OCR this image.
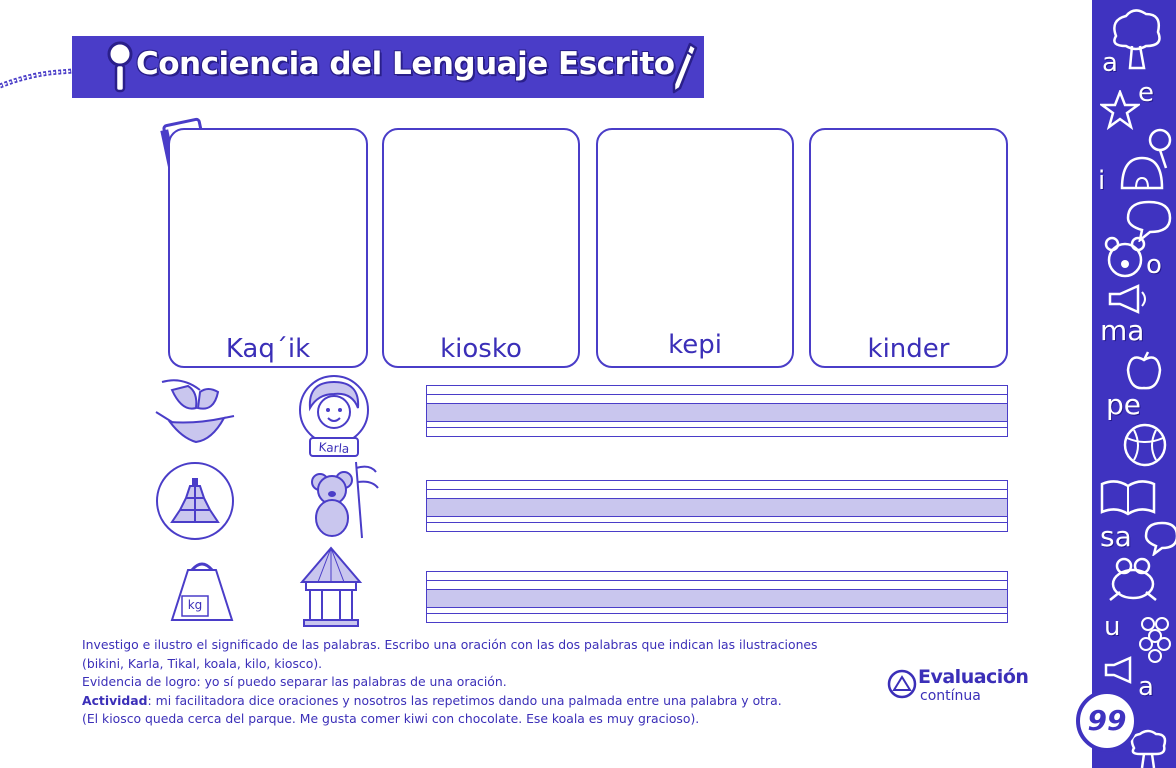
Conciencia del Lenguaje Escrito
Kaq´ik	kiosko	kepi	kinder
Karla
kg

Investigo e ilustro el significado de las palabras. Escribo una oración con las dos palabras que indican las ilustraciones

(bikini, Karla, Tikal, koala, kilo, kiosco).

Evidencia de logro: yo sí puedo separar las palabras de una oración.

Actividad: mi facilitadora dice oraciones y nosotros las repetimos dando una palmada entre una palabra y otra.

(El kiosco queda cerca del parque. Me gusta comer kiwi con chocolate. Ese koala es muy gracioso).

Evaluación
contínua
a
e
i
o
ma
pe
sa
u
a
99
